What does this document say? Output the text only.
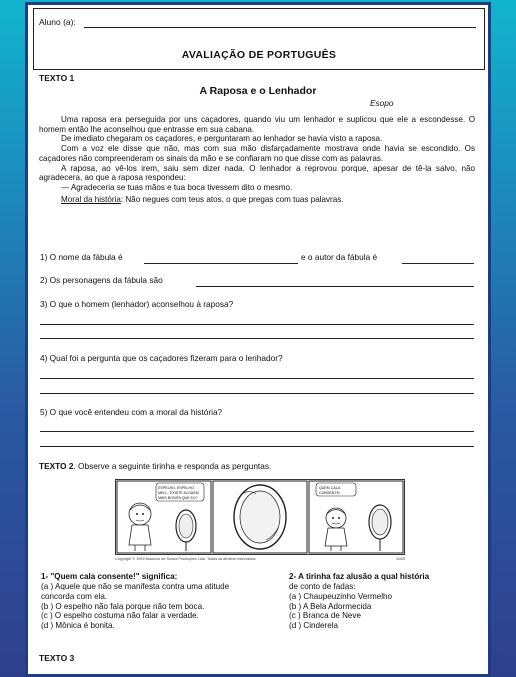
Aluno (a):
AVALIAÇÃO DE PORTUGUÊS
TEXTO 1
A Raposa e o Lenhador
Esopo

Uma raposa era perseguida por uns caçadores, quando viu um lenhador e suplicou que ele a escondesse. O homem então lhe aconselhou que entrasse em sua cabana.

De imediato chegaram os caçadores, e perguntaram ao lenhador se havia visto a raposa.

Com a voz ele disse que não, mas com sua mão disfarçadamente mostrava onde havia se escondido. Os caçadores não compreenderam os sinais da mão e se confiaram no que disse com as palavras.

A raposa, ao vê-los irem, saiu sem dizer nada. O lenhador a reprovou porque, apesar de tê-la salvo, não agradecera, ao que a raposa respondeu:

— Agradeceria se tuas mãos e tua boca tivessem dito o mesmo.

Moral da história: Não negues com teus atos, o que pregas com tuas palavras.

1) O nome da fábula é	e o autor da fábula é
2) Os personagens da fábula são
3) O que o homem (lenhador) aconselhou à raposa?
4) Qual foi a pergunta que os caçadores fizeram para o lenhador?
5) O que você entendeu com a moral da história?
TEXTO 2. Observe a seguinte tirinha e responda as perguntas.
ESPELHO, ESPELHO
MEU... EXISTE ALGUÉM
MAIS BONITA QUE EU?
QUEM CALA
CONSENTE!
Copyright © 1999 Maurício de Sousa Produções Ltda. Todos os direitos reservados.	6405
1- "Quem cala consente!" significa:
(a ) Aquele que não se manifesta contra uma atitude
concorda com ela.
(b ) O espelho não fala porque não tem boca.
(c ) O espelho costuma não falar a verdade.
(d ) Mônica é bonita.
2- A tirinha faz alusão a qual história
de conto de fadas:
(a ) Chaupeuzinho Vermelho
(b ) A Bela Adormecida
(c ) Branca de Neve
(d ) Cinderela
TEXTO 3
